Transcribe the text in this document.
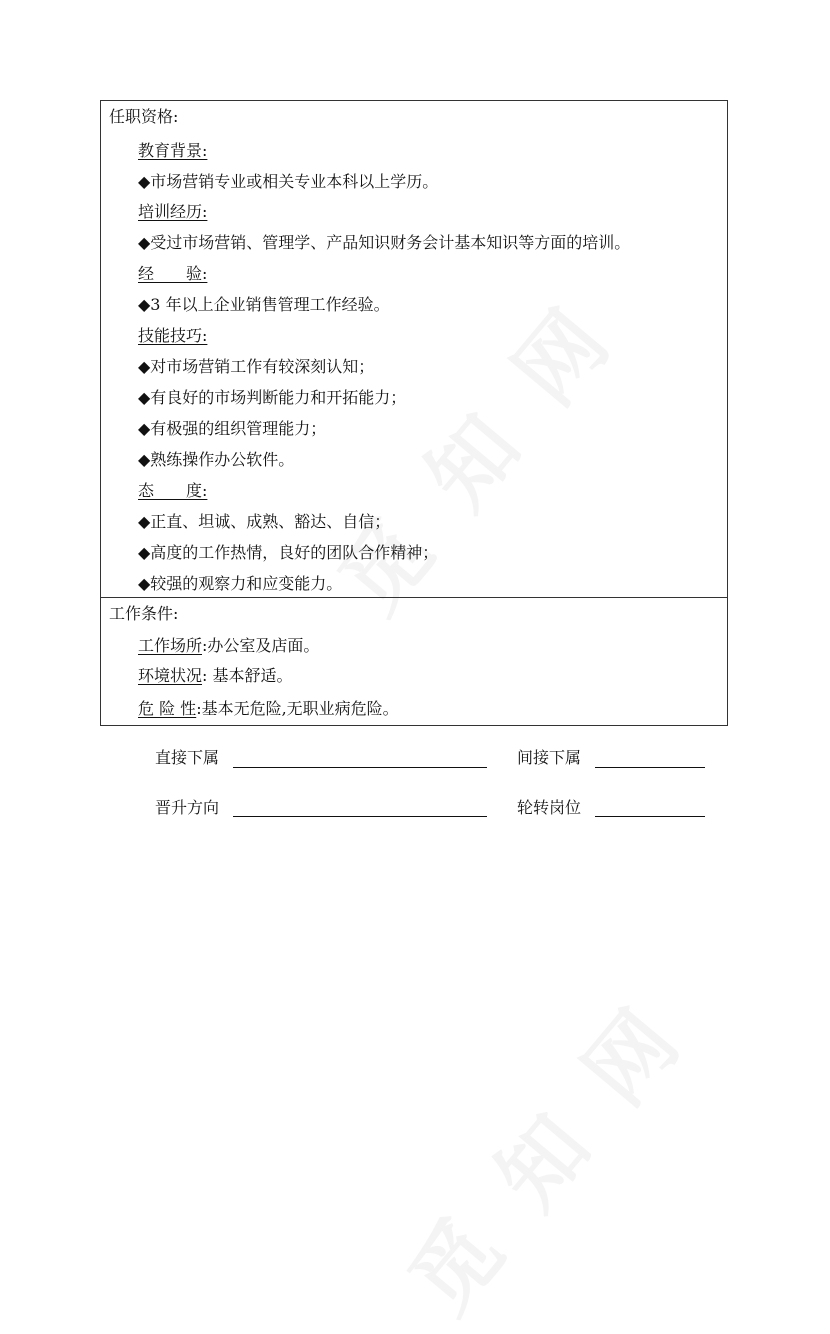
任职资格:
教育背景:
◆市场营销专业或相关专业本科以上学历。
培训经历:
◆受过市场营销、管理学、产品知识财务会计基本知识等方面的培训。
经　　验:
◆3 年以上企业销售管理工作经验。
技能技巧:
◆对市场营销工作有较深刻认知；
◆有良好的市场判断能力和开拓能力；
◆有极强的组织管理能力；
◆熟练操作办公软件。
态　　度:
◆正直、坦诚、成熟、豁达、自信；
◆高度的工作热情，良好的团队合作精神；
◆较强的观察力和应变能力。
工作条件:
工作场所:办公室及店面。
环境状况: 基本舒适。
危 险 性:基本无危险,无职业病危险。
直接下属	间接下属
晋升方向	轮转岗位
